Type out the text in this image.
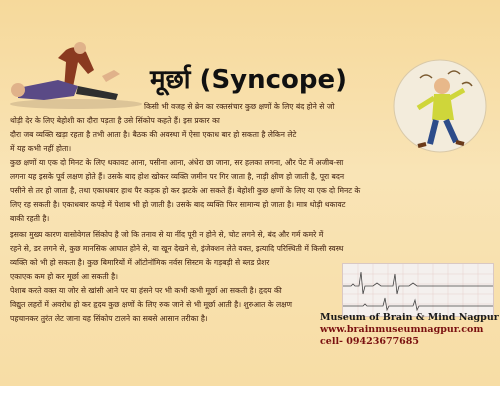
मूर्छा (Syncope)
किसी भी वजह से ब्रेन का रक्तसंचार कुछ क्षणों के लिए बंद होने से जो
थोड़ी देर के लिए बेहोशी का दौरा पड़ता है उसे सिंकोप कहते हैं। इस प्रकार का
दौरा जब व्यक्ति खड़ा रहता है तभी आता है। बैठक की अवस्था में ऐसा एकाध बार हो सकता है लेकिन लेटे
में यह कभी नहीं होता।
कुछ क्षणों या एक दो मिनट के लिए थकावट आना, पसीना आना, अंधेरा छा जाना, सर हलका लगना, और पेट में अजीब-सा
लगना यह इसके पूर्व लक्षण होते हैं। उसके बाद होश खोकर व्यक्ति जमीन पर गिर जाता है, नाड़ी क्षीण हो जाती है, पूरा बदन
पसीने से तर हो जाता है, तथा एकाधबार हाथ पैर कड़क हो कर झटके आ सकते हैं। बेहोशी कुछ क्षणों के लिए या एक दो मिनट के
लिए रह सकती है। एकाधबार कपड़े में पेशाब भी हो जाती है। उसके बाद व्यक्ति फिर सामान्य हो जाता है। मात्र थोड़ी थकावट
बाकी रहती है।
इसका मुख्य कारण वासोवेगल सिंकोप है जो कि तनाव से या नींद पूरी न होने से, चोट लगने से, बंद और गर्म कमरे में
रहने से, डर लगने से, कुछ मानसिक आघात होने से, या खून देखने से, इंजेक्शन लेते वक्त, इत्यादि परिस्थिती में किसी स्वस्थ
व्यक्ति को भी हो सकता है। कुछ बिमारियों में ऑटोनॉमिक नर्वस सिस्टम के गड़बड़ी से ब्लड प्रेशर
एकाएक कम हो कर मूर्छा आ सकती है।
पेशाब करते वक्त या जोर से खांसी आने पर या हंसने पर भी कभी कभी मूर्छा आ सकती है। हृदय की
विद्युत लहरों में अवरोध हो कर हृदय कुछ क्षणों के लिए रुक जाने से भी मूर्छा आती है। शुरुआत के लक्षण
पहचानकर तुरंत लेट जाना यह सिंकोप टालने का सबसे आसान तरीका है।	Museum of Brain & Mind Nagpur
www.brainmuseumnagpur.com
cell- 09423677685
